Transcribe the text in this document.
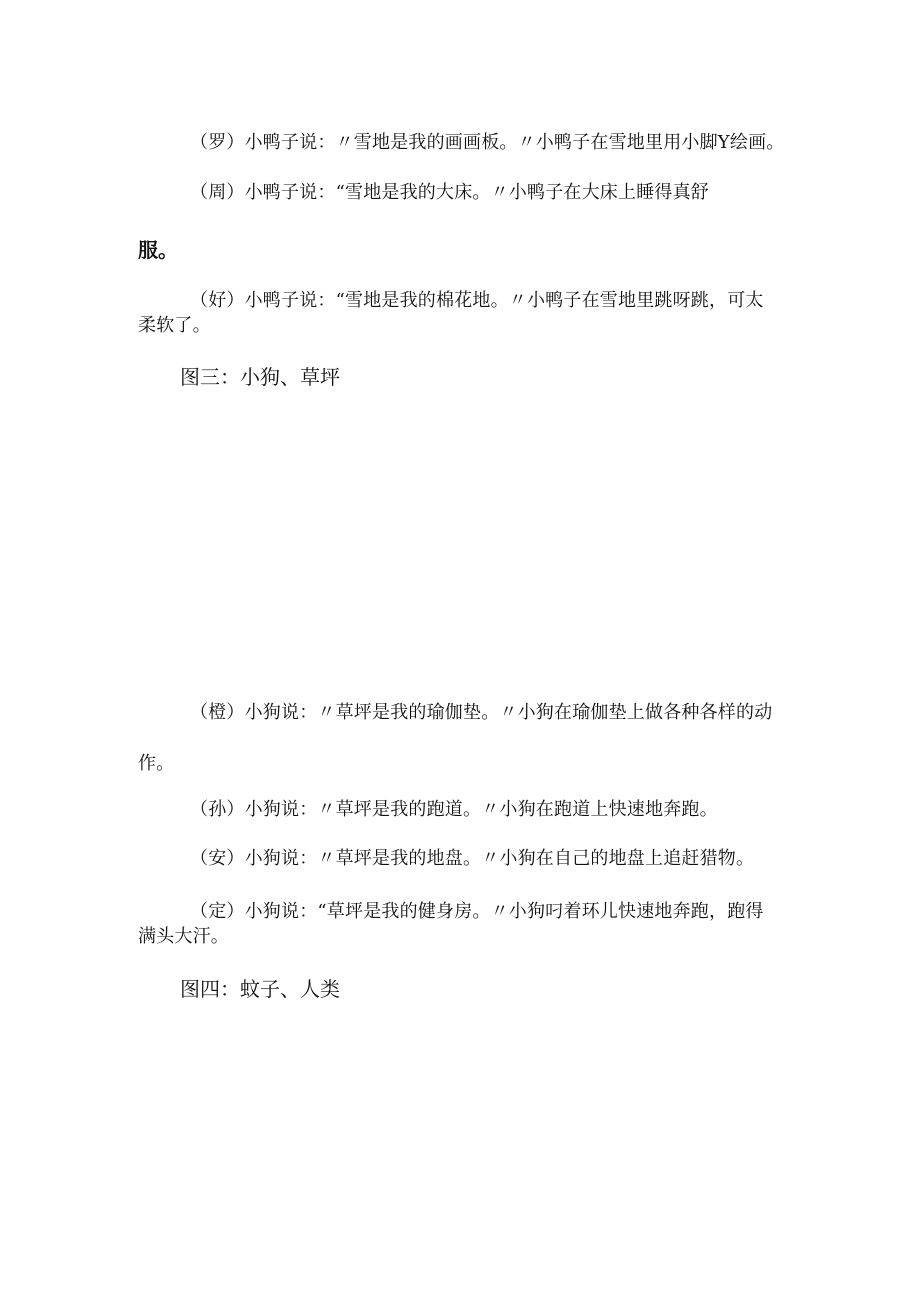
（罗）小鸭子说：〃雪地是我的画画板。〃小鸭子在雪地里用小脚Y绘画。
（周）小鸭子说：“雪地是我的大床。〃小鸭子在大床上睡得真舒
服。
（好）小鸭子说：“雪地是我的棉花地。〃小鸭子在雪地里跳呀跳，可太
柔软了。
图三：小狗、草坪
（橙）小狗说：〃草坪是我的瑜伽垫。〃小狗在瑜伽垫上做各种各样的动
作。
（孙）小狗说：〃草坪是我的跑道。〃小狗在跑道上快速地奔跑。
（安）小狗说：〃草坪是我的地盘。〃小狗在自己的地盘上追赶猎物。
（定）小狗说：“草坪是我的健身房。〃小狗叼着环儿快速地奔跑，跑得
满头大汗。
图四：蚊子、人类
